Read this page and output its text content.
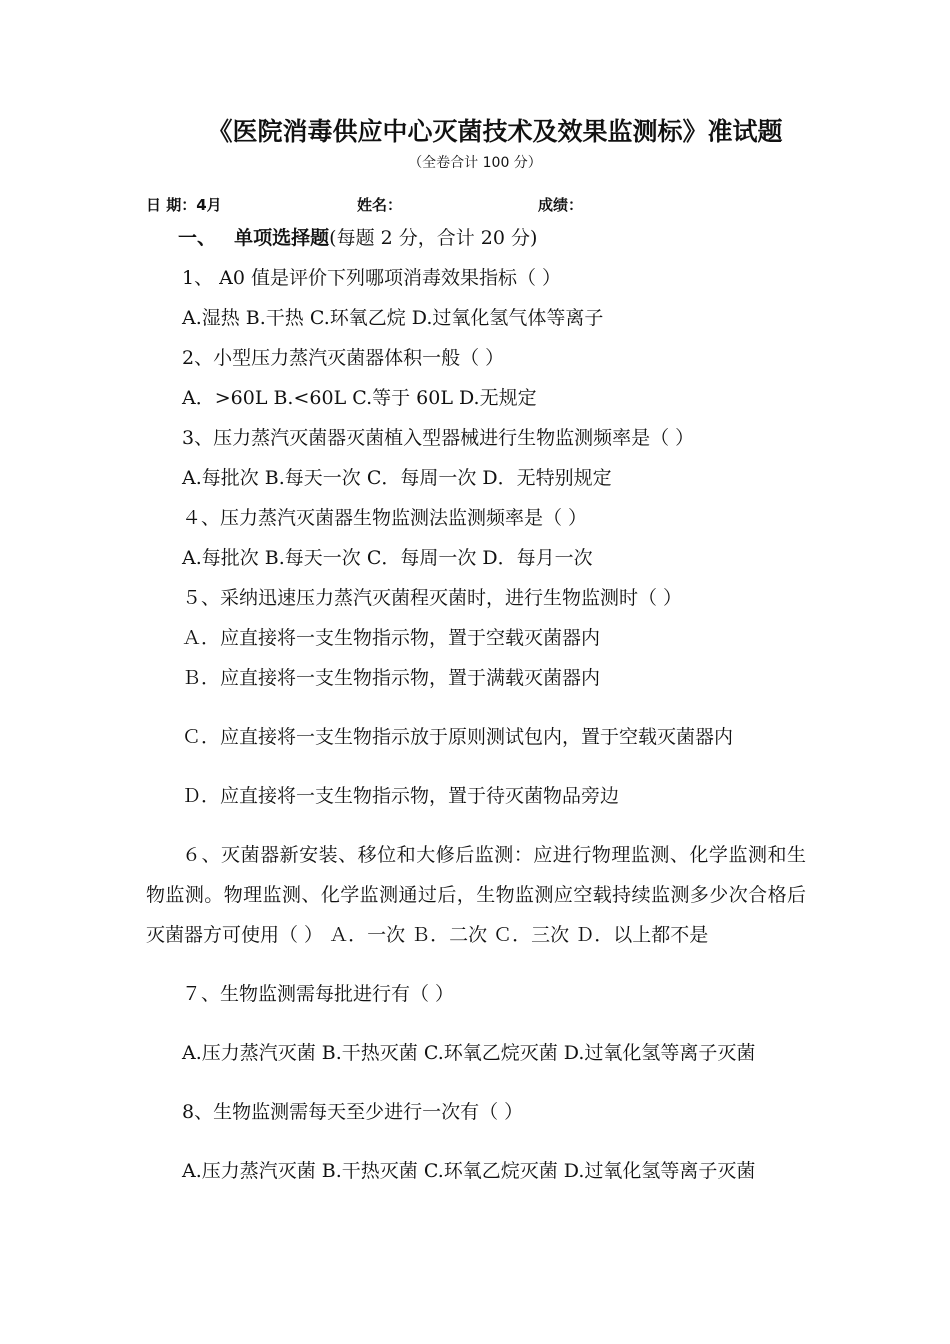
《医院消毒供应中心灭菌技术及效果监测标》准试题
（全卷合计 100 分）
日 期：4月	姓名：	成绩：

一、 单项选择题(每题 2 分，合计 20 分)

1、 A0 值是评价下列哪项消毒效果指标（ ）

A.湿热 B.干热 C.环氧乙烷 D.过氧化氢气体等离子

2、小型压力蒸汽灭菌器体积一般（ ）

A．>60L B.<60L C.等于 60L D.无规定

3、压力蒸汽灭菌器灭菌植入型器械进行生物监测频率是（ ）

A.每批次 B.每天一次 C．每周一次 D．无特别规定

４、压力蒸汽灭菌器生物监测法监测频率是（ ）

A.每批次 B.每天一次 C．每周一次 D．每月一次

５、采纳迅速压力蒸汽灭菌程灭菌时，进行生物监测时（ ）

Ａ．应直接将一支生物指示物，置于空载灭菌器内

Ｂ．应直接将一支生物指示物，置于满载灭菌器内

Ｃ．应直接将一支生物指示放于原则测试包内，置于空载灭菌器内

Ｄ．应直接将一支生物指示物，置于待灭菌物品旁边

６、灭菌器新安装、移位和大修后监测：应进行物理监测、化学监测和生物监测。物理监测、化学监测通过后，生物监测应空载持续监测多少次合格后灭菌器方可使用（ ） Ａ．一次 Ｂ．二次 Ｃ．三次 Ｄ．以上都不是

７、生物监测需每批进行有（ ）

A.压力蒸汽灭菌 B.干热灭菌 C.环氧乙烷灭菌 D.过氧化氢等离子灭菌

8、生物监测需每天至少进行一次有（ ）

A.压力蒸汽灭菌 B.干热灭菌 C.环氧乙烷灭菌 D.过氧化氢等离子灭菌
